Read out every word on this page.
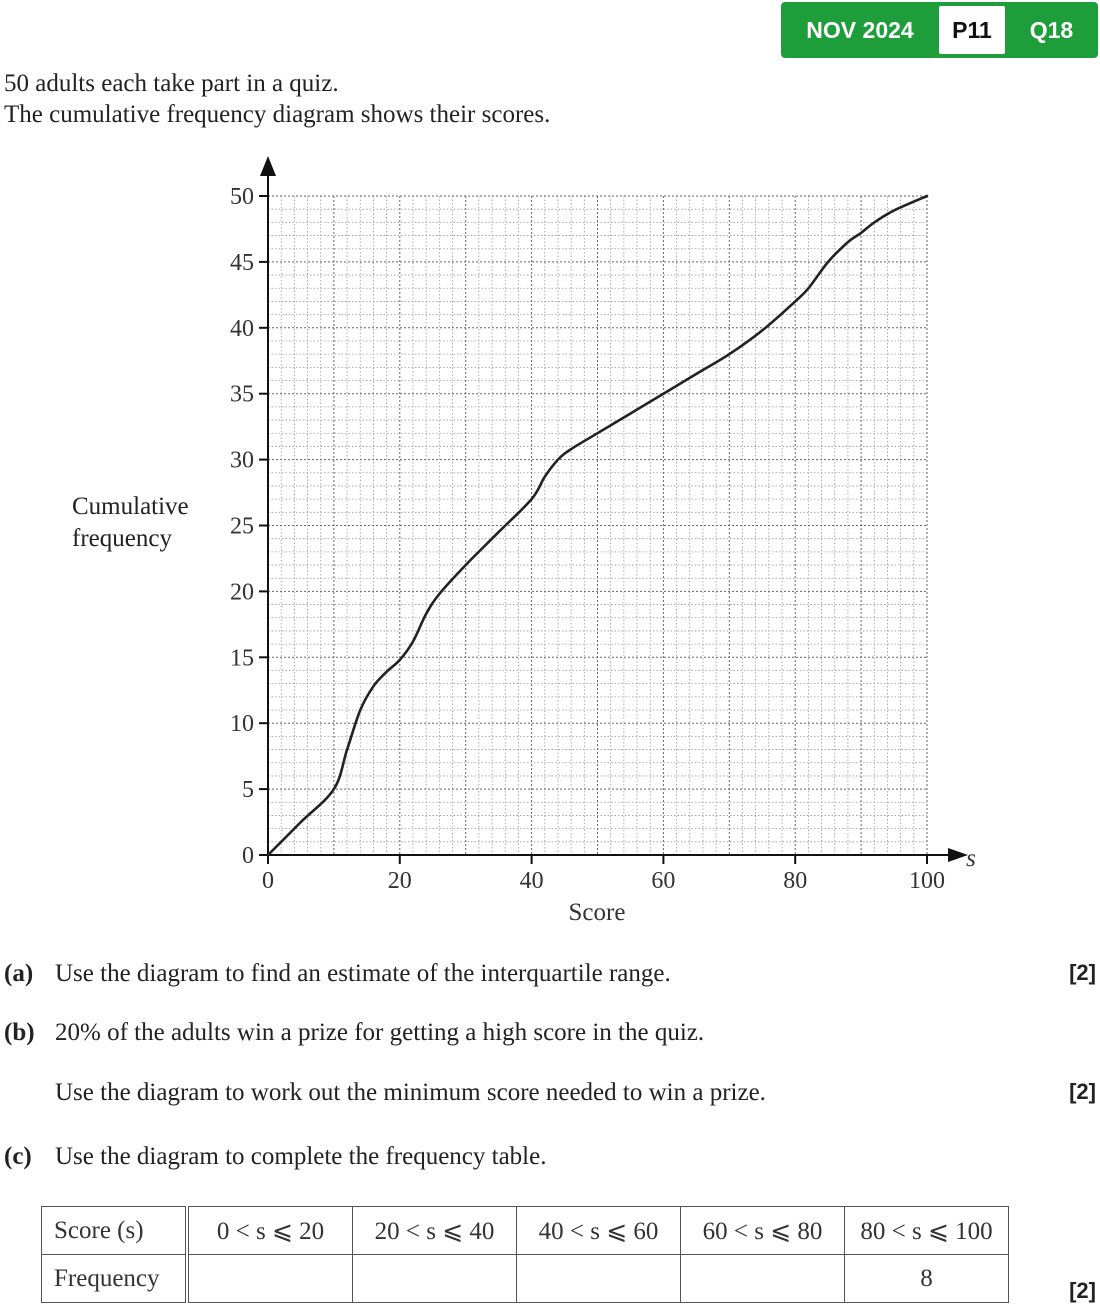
NOV 2024	P11	Q18
50 adults each take part in a quiz.
The cumulative frequency diagram shows their scores.
Cumulative
frequency
0
5
10
15
20
25
30
35
40
45
50
0	20	40	60	80	100
Score
s
(a) Use the diagram to find an estimate of the interquartile range.	[2]
(b) 20% of the adults win a prize for getting a high score in the quiz.
Use the diagram to work out the minimum score needed to win a prize.	[2]
(c) Use the diagram to complete the frequency table.
[2]
Score (s)	0 < s ⩽ 20	20 < s ⩽ 40	40 < s ⩽ 60	60 < s ⩽ 80	80 < s ⩽ 100
Frequency					8
